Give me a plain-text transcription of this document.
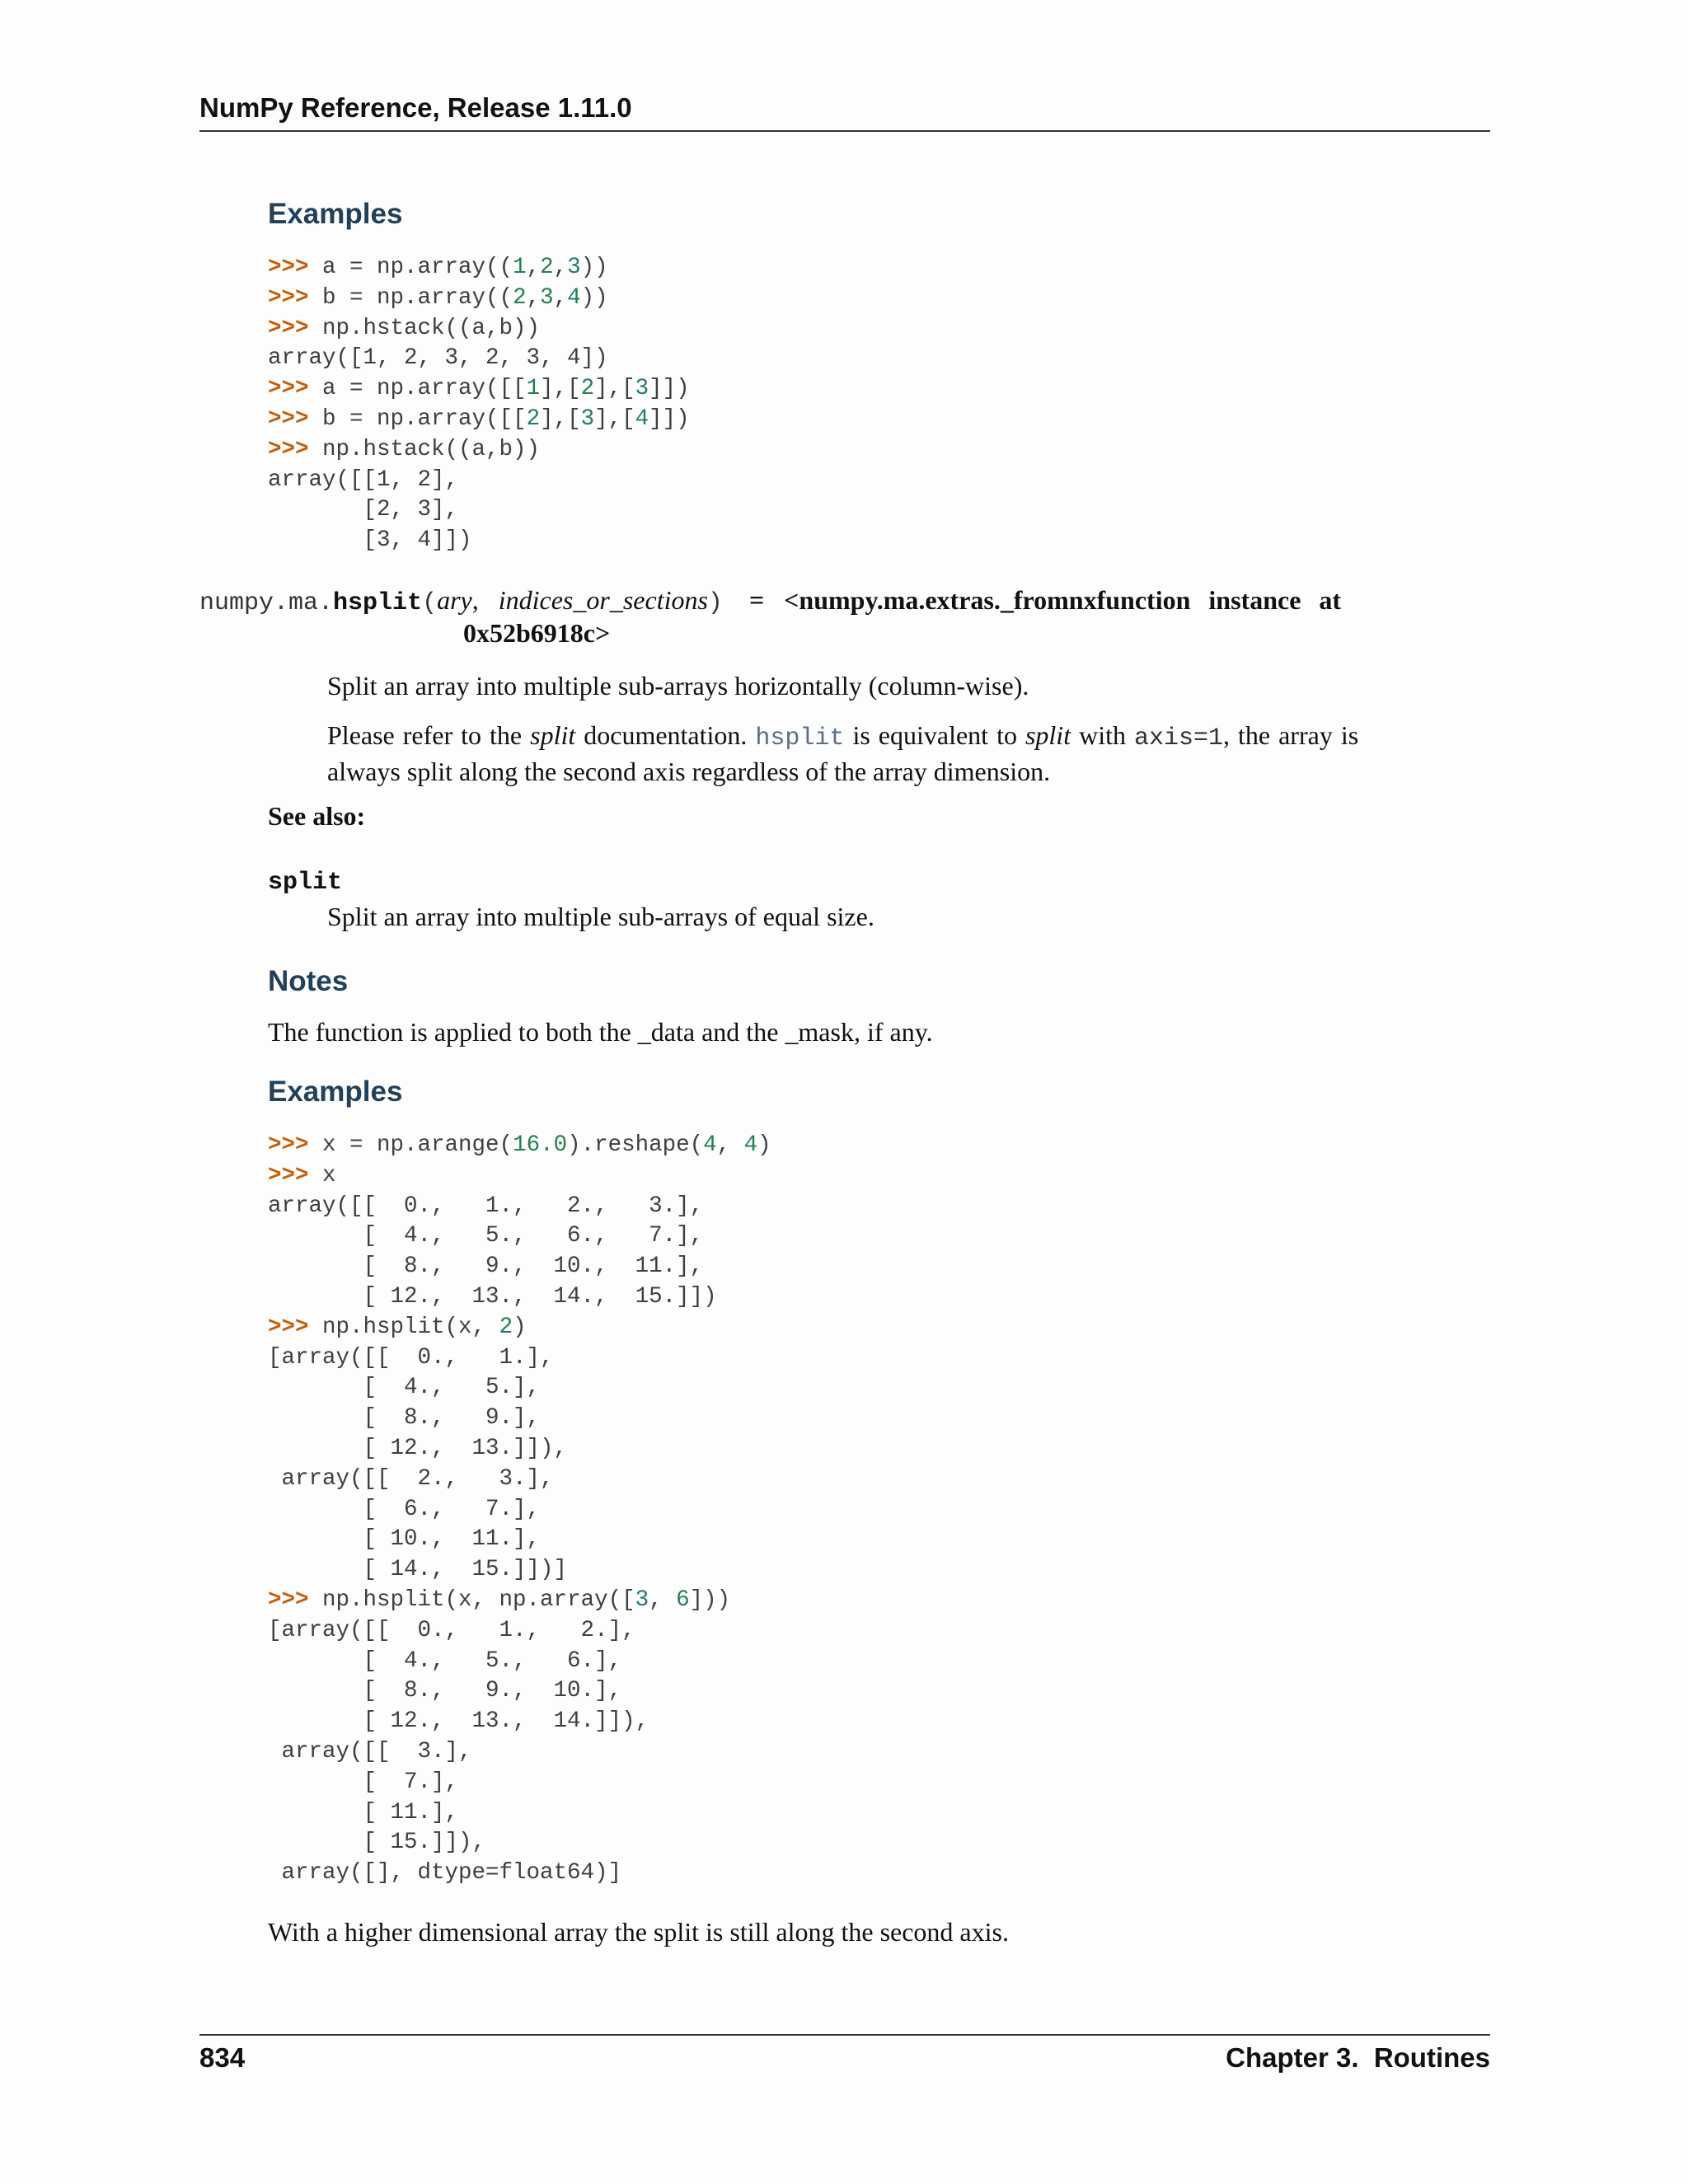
NumPy Reference, Release 1.11.0
Examples
>>> a = np.array((1,2,3))
>>> b = np.array((2,3,4))
>>> np.hstack((a,b))
array([1, 2, 3, 2, 3, 4])
>>> a = np.array([[1],[2],[3]])
>>> b = np.array([[2],[3],[4]])
>>> np.hstack((a,b))
array([[1, 2],
[2, 3],
[3, 4]])
numpy.ma.hsplit(ary, indices_or_sections) = <numpy.ma.extras._fromnxfunction instance at
0x52b6918c>
Split an array into multiple sub-arrays horizontally (column-wise).
Please refer to the split documentation. hsplit is equivalent to split with axis=1, the array is
always split along the second axis regardless of the array dimension.
See also:
split
Split an array into multiple sub-arrays of equal size.
Notes
The function is applied to both the _data and the _mask, if any.
Examples
>>> x = np.arange(16.0).reshape(4, 4)
>>> x
array([[  0.,   1.,   2.,   3.],
[  4.,   5.,   6.,   7.],
[  8.,   9.,  10.,  11.],
[ 12.,  13.,  14.,  15.]])
>>> np.hsplit(x, 2)
[array([[  0.,   1.],
[  4.,   5.],
[  8.,   9.],
[ 12.,  13.]]),
array([[  2.,   3.],
[  6.,   7.],
[ 10.,  11.],
[ 14.,  15.]])]
>>> np.hsplit(x, np.array([3, 6]))
[array([[  0.,   1.,   2.],
[  4.,   5.,   6.],
[  8.,   9.,  10.],
[ 12.,  13.,  14.]]),
array([[  3.],
[  7.],
[ 11.],
[ 15.]]),
array([], dtype=float64)]
With a higher dimensional array the split is still along the second axis.
834	Chapter 3.  Routines
